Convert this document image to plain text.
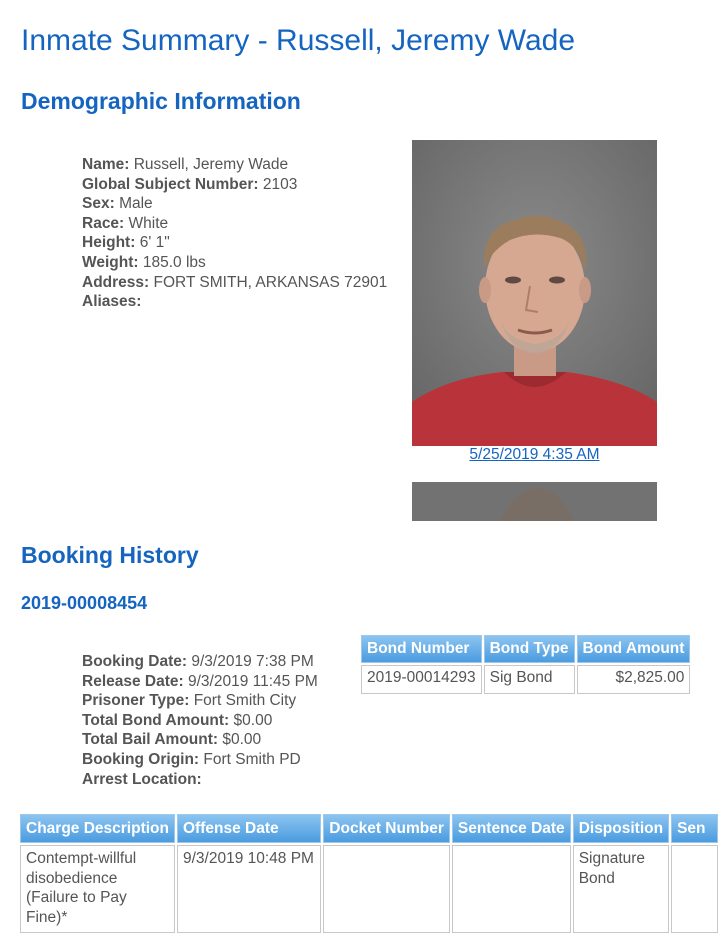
Inmate Summary - Russell, Jeremy Wade
Demographic Information
Name: Russell, Jeremy Wade
Global Subject Number: 2103
Sex: Male
Race: White
Height: 6' 1"
Weight: 185.0 lbs
Address: FORT SMITH, ARKANSAS 72901
Aliases:
5/25/2019 4:35 AM
Booking History
2019-00008454
Booking Date: 9/3/2019 7:38 PM
Release Date: 9/3/2019 11:45 PM
Prisoner Type: Fort Smith City
Total Bond Amount: $0.00
Total Bail Amount: $0.00
Booking Origin: Fort Smith PD
Arrest Location:
Bond Number	Bond Type	Bond Amount
2019-00014293	Sig Bond	$2,825.00
Charge Description	Offense Date	Docket Number	Sentence Date	Disposition	Sen
Contempt-willful disobedience (Failure to Pay Fine)*	9/3/2019 10:48 PM			Signature Bond	
